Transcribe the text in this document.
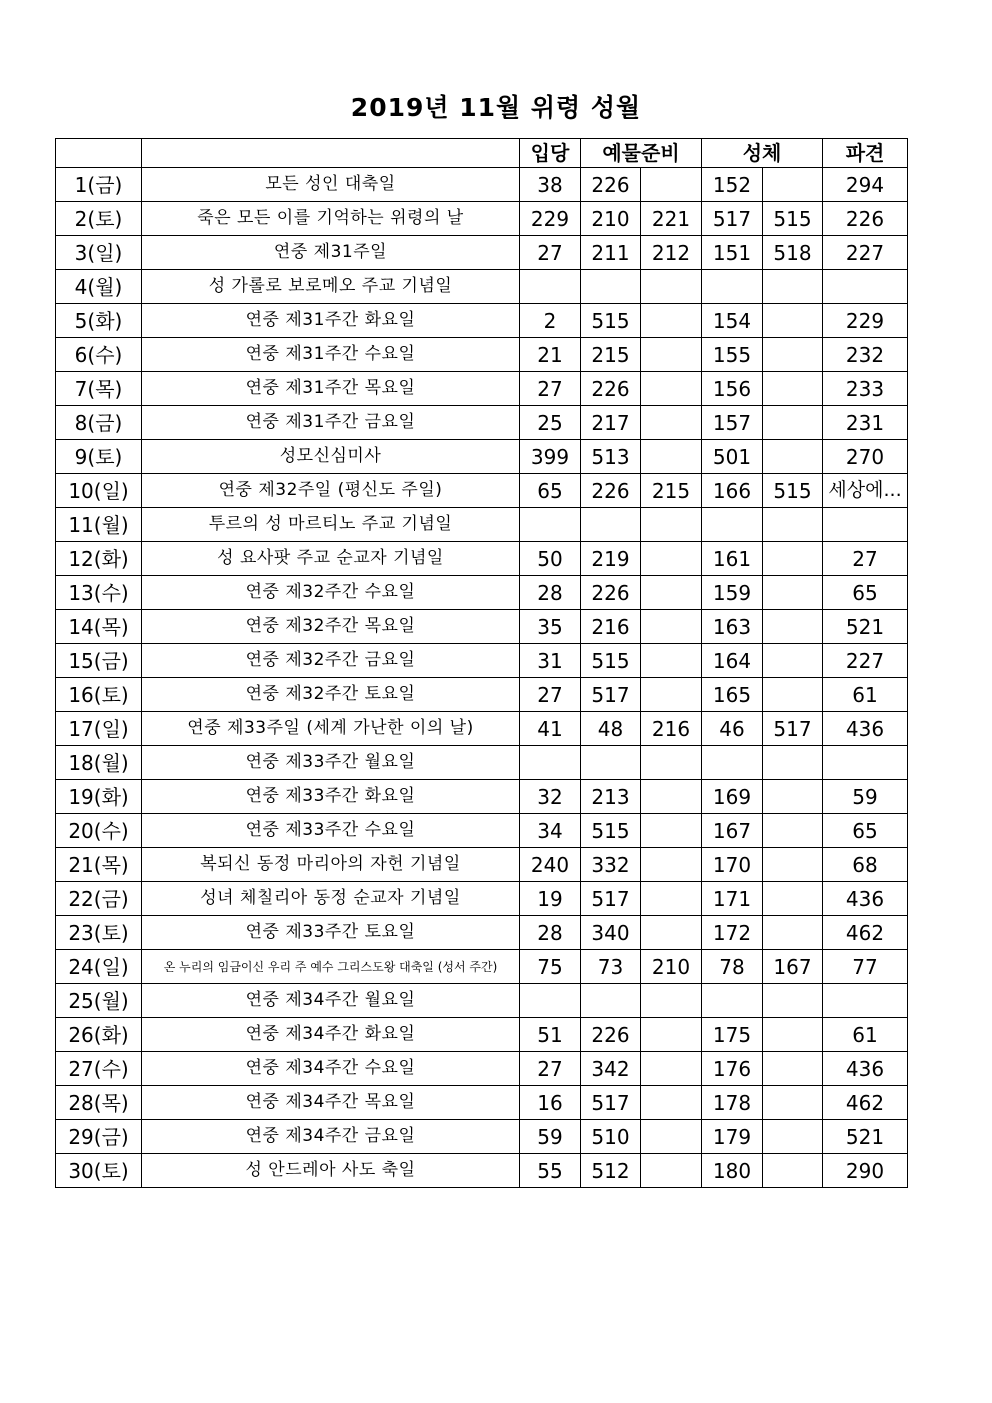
2019년 11월 위령 성월
		입당	예물준비		성체		파견
1(금)	모든 성인 대축일	38	226		152		294
2(토)	죽은 모든 이를 기억하는 위령의 날	229	210	221	517	515	226
3(일)	연중 제31주일	27	211	212	151	518	227
4(월)	성 가롤로 보로메오 주교 기념일						
5(화)	연중 제31주간 화요일	2	515		154		229
6(수)	연중 제31주간 수요일	21	215		155		232
7(목)	연중 제31주간 목요일	27	226		156		233
8(금)	연중 제31주간 금요일	25	217		157		231
9(토)	성모신심미사	399	513		501		270
10(일)	연중 제32주일 (평신도 주일)	65	226	215	166	515	세상에...
11(월)	투르의 성 마르티노 주교 기념일						
12(화)	성 요사팟 주교 순교자 기념일	50	219		161		27
13(수)	연중 제32주간 수요일	28	226		159		65
14(목)	연중 제32주간 목요일	35	216		163		521
15(금)	연중 제32주간 금요일	31	515		164		227
16(토)	연중 제32주간 토요일	27	517		165		61
17(일)	연중 제33주일 (세계 가난한 이의 날)	41	48	216	46	517	436
18(월)	연중 제33주간 월요일						
19(화)	연중 제33주간 화요일	32	213		169		59
20(수)	연중 제33주간 수요일	34	515		167		65
21(목)	복되신 동정 마리아의 자헌 기념일	240	332		170		68
22(금)	성녀 체칠리아 동정 순교자 기념일	19	517		171		436
23(토)	연중 제33주간 토요일	28	340		172		462
24(일)	온 누리의 임금이신 우리 주 예수 그리스도왕 대축일 (성서 주간)	75	73	210	78	167	77
25(월)	연중 제34주간 월요일						
26(화)	연중 제34주간 화요일	51	226		175		61
27(수)	연중 제34주간 수요일	27	342		176		436
28(목)	연중 제34주간 목요일	16	517		178		462
29(금)	연중 제34주간 금요일	59	510		179		521
30(토)	성 안드레아 사도 축일	55	512		180		290
